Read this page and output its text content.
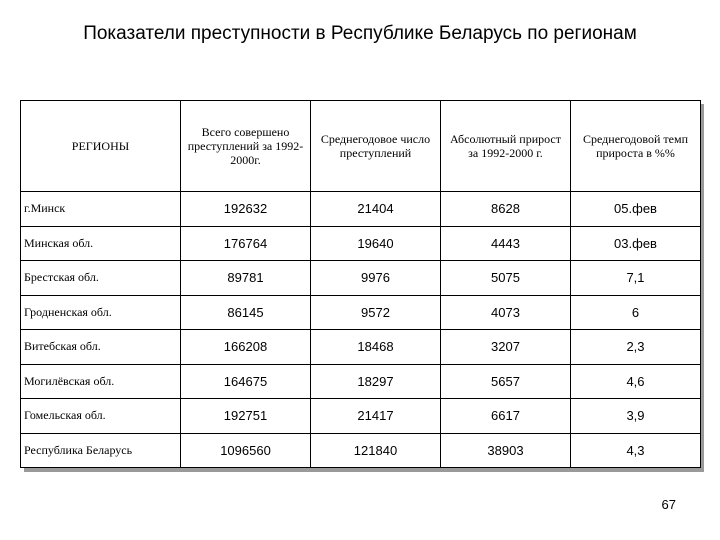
Показатели преступности в Республике Беларусь по регионам
РЕГИОНЫ	Всего совершено преступлений за 1992-2000г.	Среднегодовое число преступлений	Абсолютный прирост за 1992-2000 г.	Среднегодовой темп прироста в %%
г.Минск	192632	21404	8628	05.фев
Минская обл.	176764	19640	4443	03.фев
Брестская обл.	89781	9976	5075	7,1
Гродненская обл.	86145	9572	4073	6
Витебская обл.	166208	18468	3207	2,3
Могилёвская обл.	164675	18297	5657	4,6
Гомельская обл.	192751	21417	6617	3,9
Республика Беларусь	1096560	121840	38903	4,3
67
